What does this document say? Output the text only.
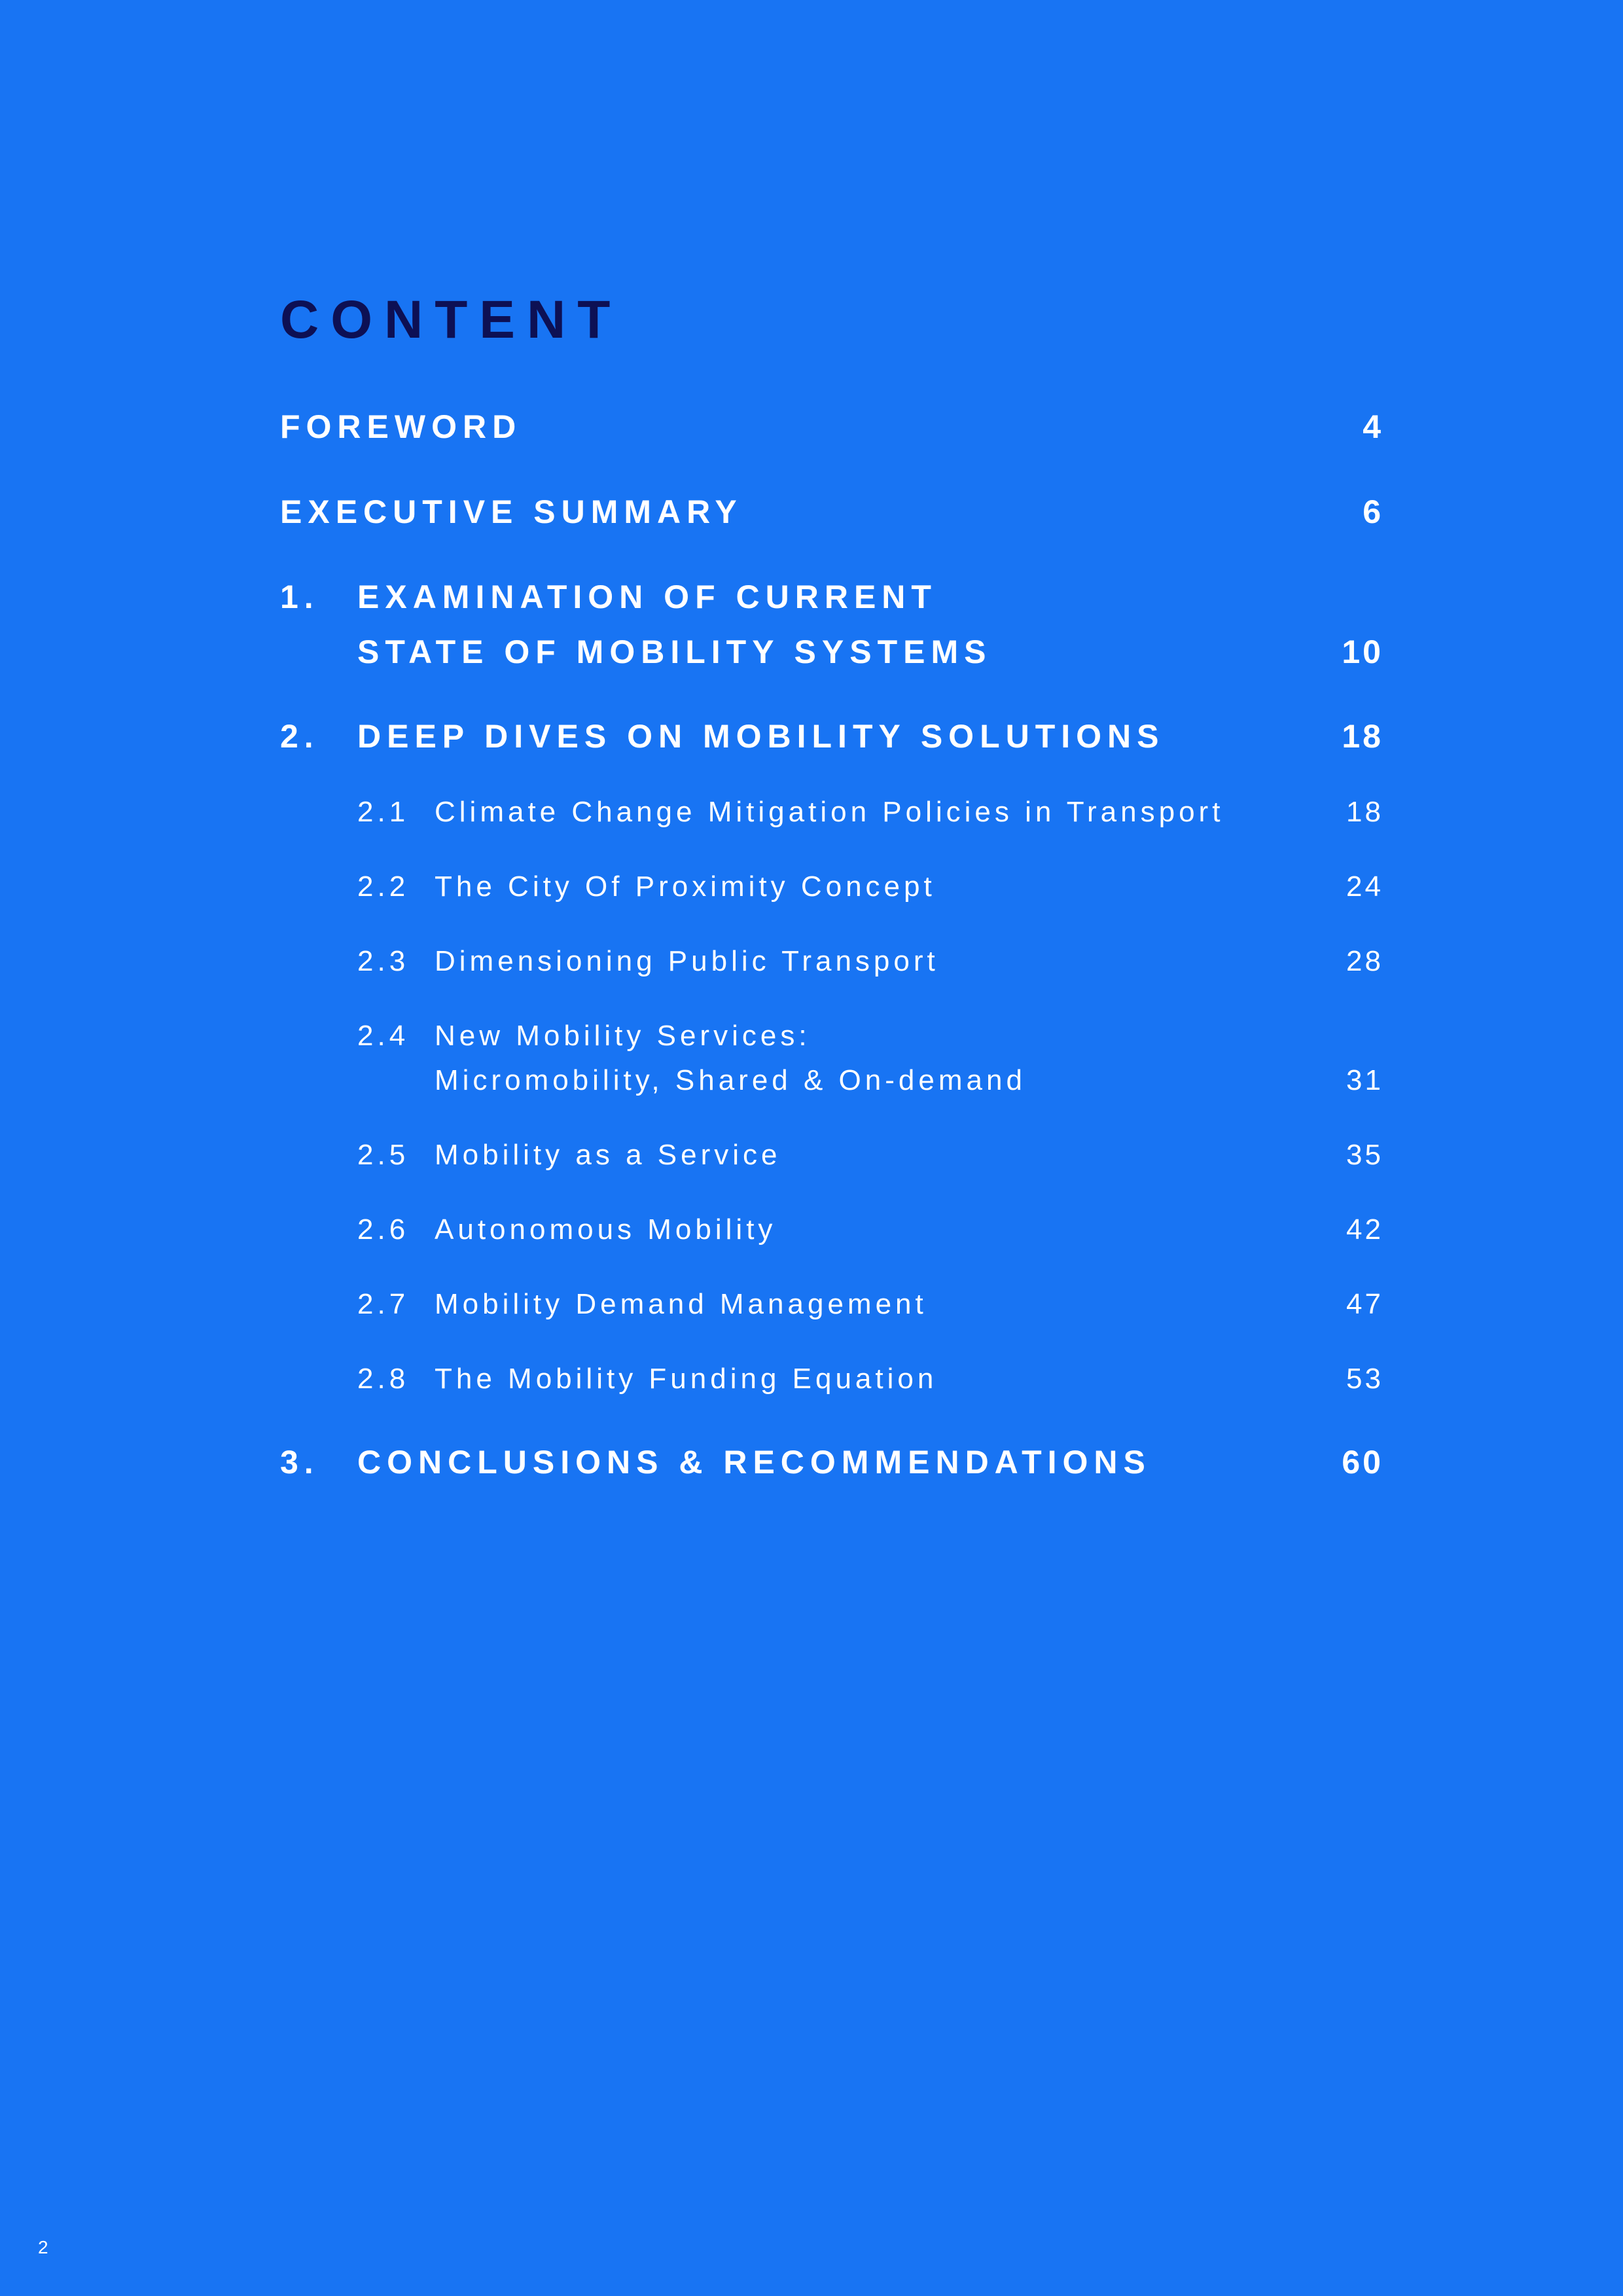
CONTENT
FOREWORD	4
EXECUTIVE SUMMARY	6
1. EXAMINATION OF CURRENT
STATE OF MOBILITY SYSTEMS	10
2. DEEP DIVES ON MOBILITY SOLUTIONS	18
2.1 Climate Change Mitigation Policies in Transport	18
2.2 The City Of Proximity Concept	24
2.3 Dimensioning Public Transport	28
2.4 New Mobility Services:
Micromobility, Shared & On-demand	31
2.5 Mobility as a Service	35
2.6 Autonomous Mobility	42
2.7 Mobility Demand Management	47
2.8 The Mobility Funding Equation	53
3. CONCLUSIONS & RECOMMENDATIONS	60
2
